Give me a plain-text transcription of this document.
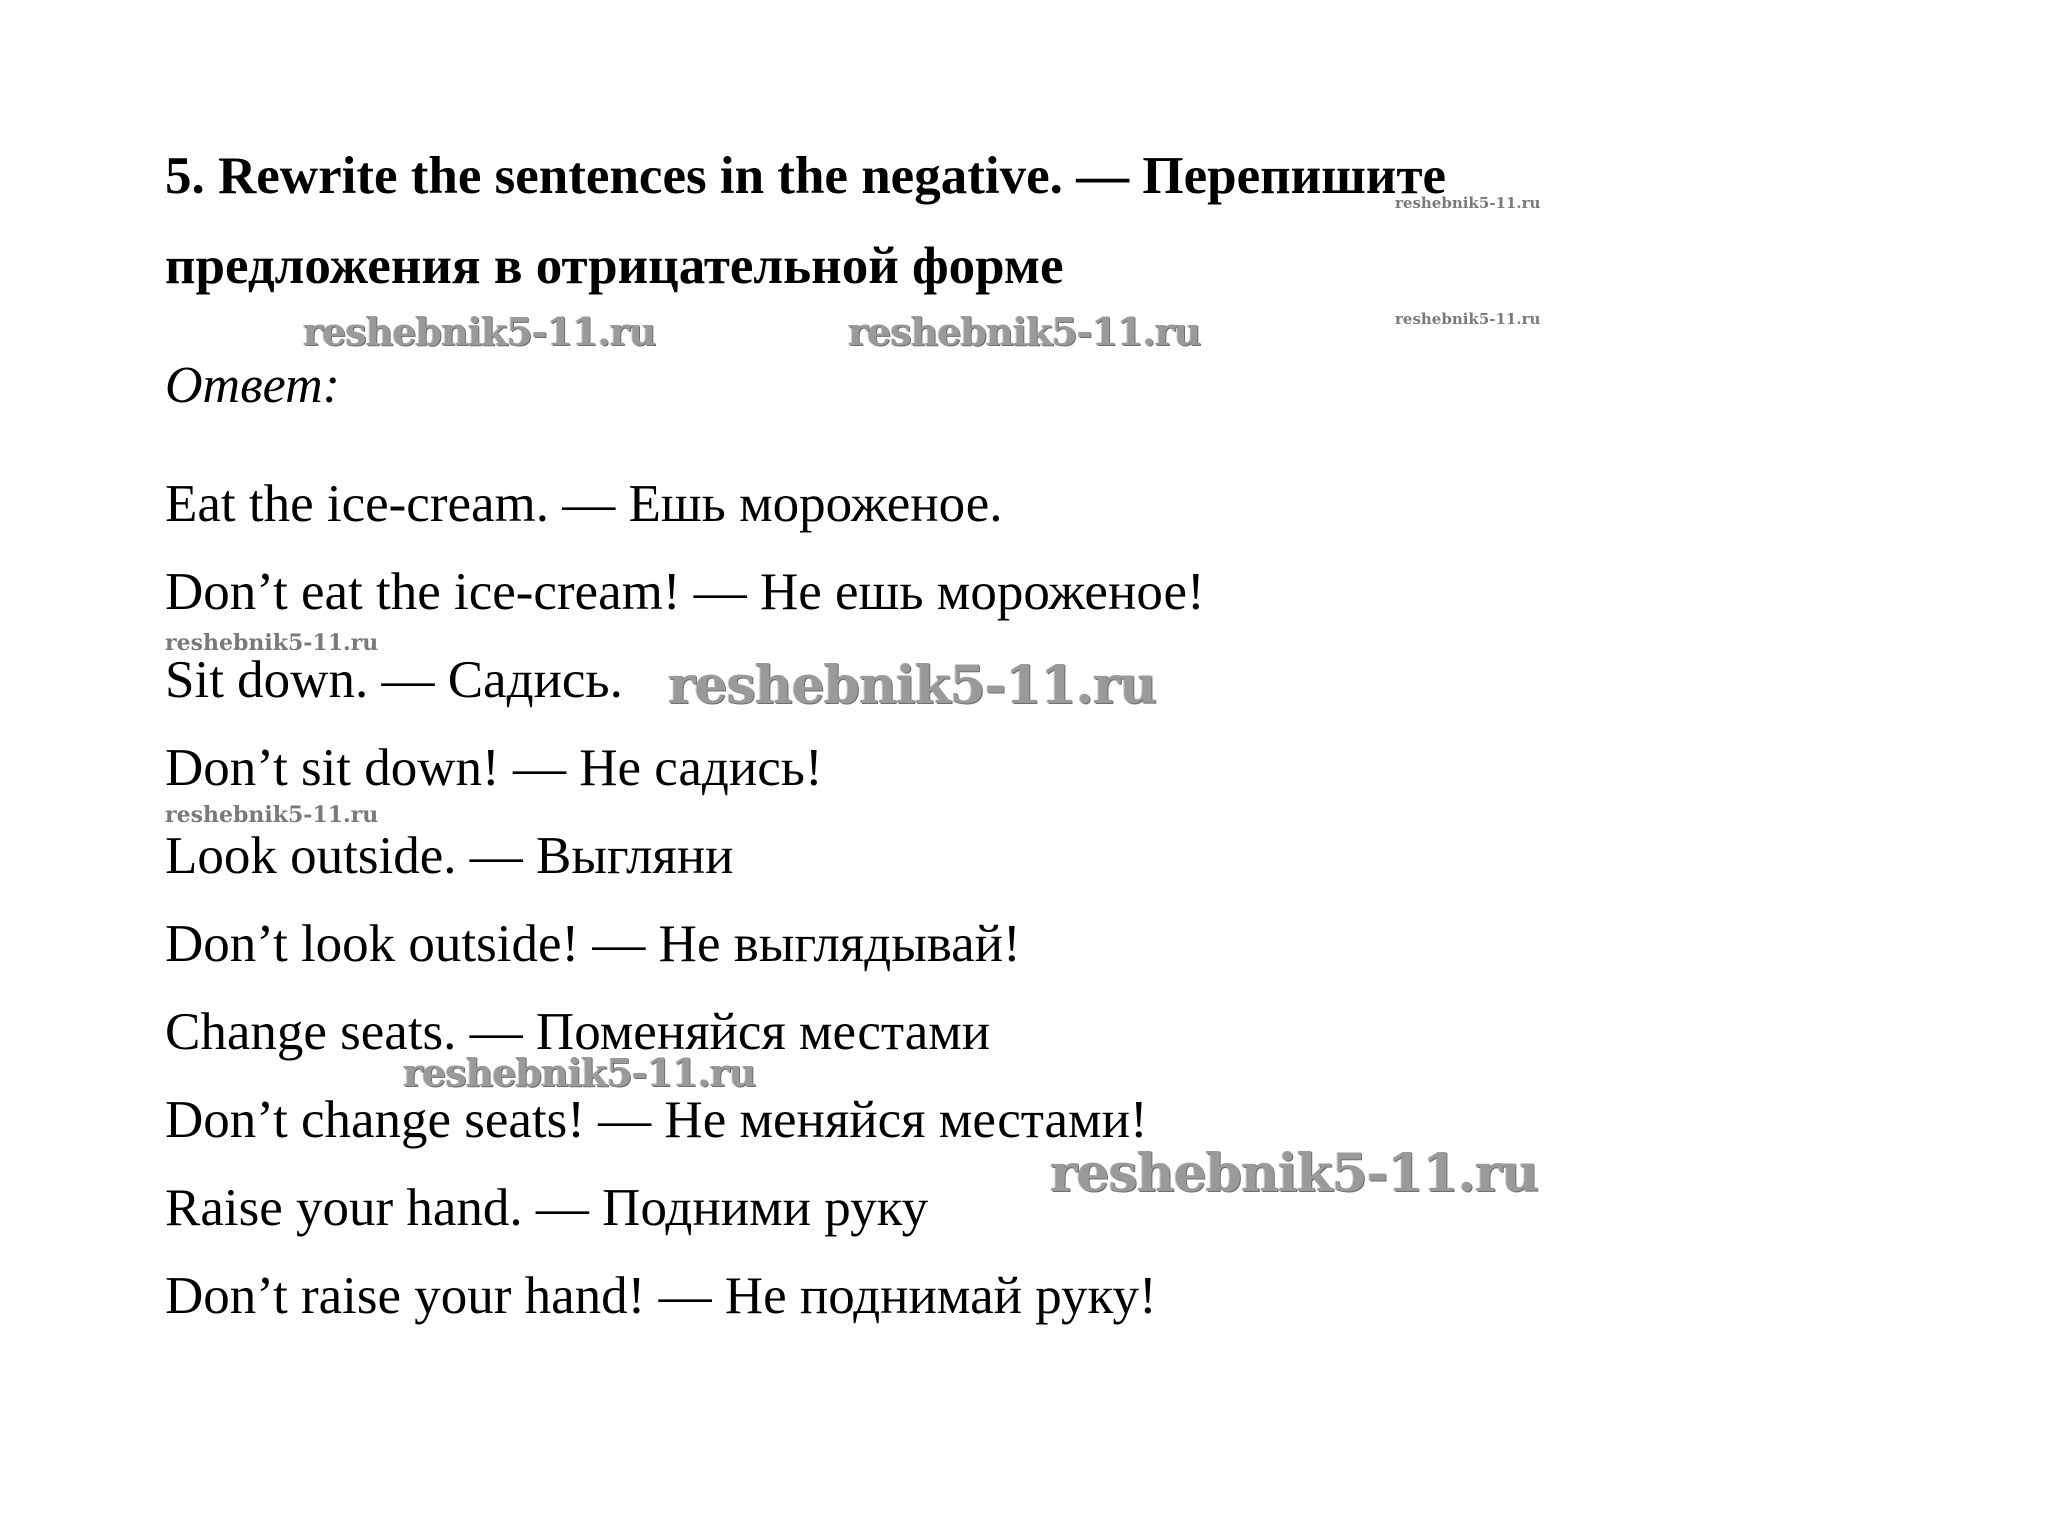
5. Rewrite the sentences in the negative. — Перепишите
предложения в отрицательной форме
Ответ:
Eat the ice-cream. — Ешь мороженое.
Don’t eat the ice-cream! — Не ешь мороженое!
Sit down. — Садись.
Don’t sit down! — Не садись!
Look outside. — Выгляни
Don’t look outside! — Не выглядывай!
Change seats. — Поменяйся местами
Don’t change seats! — Не меняйся местами!
Raise your hand. — Подними руку
Don’t raise your hand! — Не поднимай руку!
reshebnik5-11.ru
reshebnik5-11.ru
reshebnik5-11.ru	reshebnik5-11.ru
reshebnik5-11.ru
reshebnik5-11.ru
reshebnik5-11.ru
reshebnik5-11.ru
reshebnik5-11.ru
